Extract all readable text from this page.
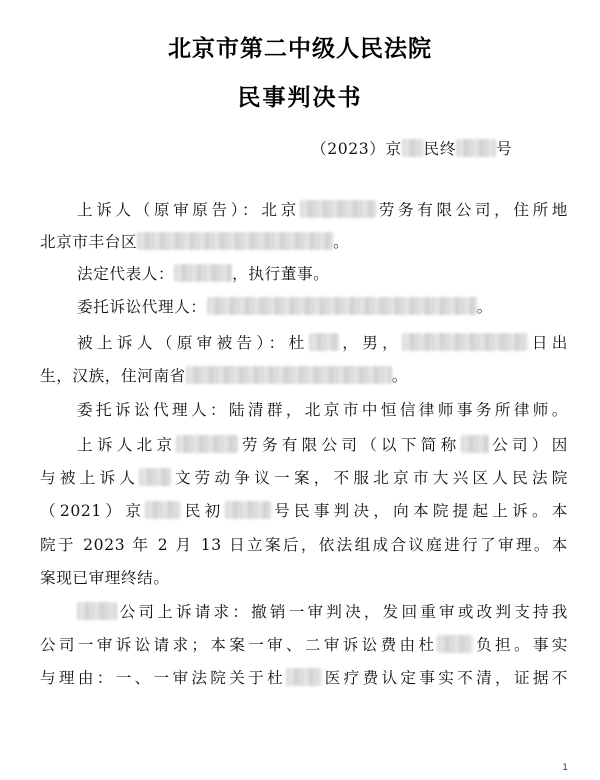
北京市第二中级人民法院
民事判决书
（2023）京 民终	号
上诉人（原审原告）：北京	劳务有限公司，住所地
北京市丰台区	。
法定代表人：	，执行董事。
委托诉讼代理人：	。
被上诉人（原审被告）：杜 ，男，	日出
生，汉族，住河南省	。
委托诉讼代理人：陆清群，北京市中恒信律师事务所律师。
上诉人北京	劳务有限公司（以下简称 公司）因
与被上诉人 文劳动争议一案，不服北京市大兴区人民法院
（2021）京 民初	号民事判决，向本院提起上诉。本
院于 2023 年 2 月 13 日立案后，依法组成合议庭进行了审理。本
案现已审理终结。
公司上诉请求：撤销一审判决，发回重审或改判支持我
公司一审诉讼请求；本案一审、二审诉讼费由杜 负担。事实
与理由：一、一审法院关于杜 医疗费认定事实不清，证据不
1
